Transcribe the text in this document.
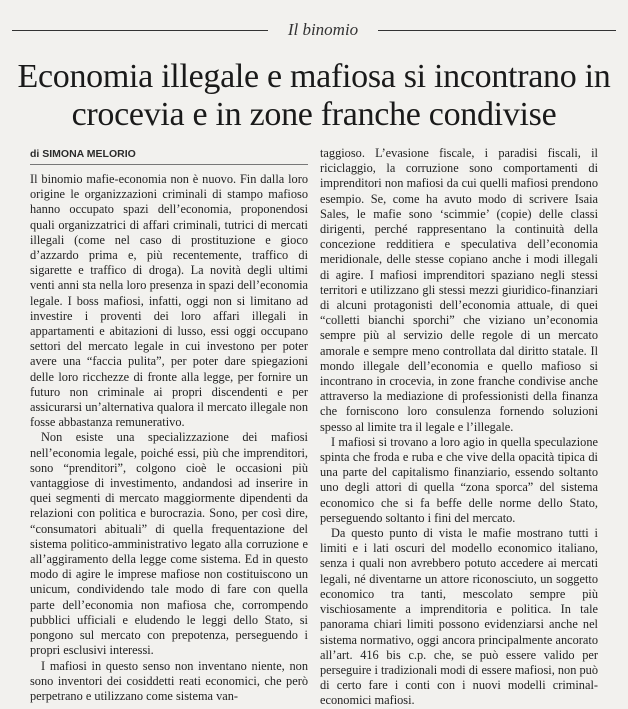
Il binomio
Economia illegale e mafiosa si incontrano in crocevia e in zone franche condivise
di SIMONA MELORIO

Il binomio mafie-economia non è nuovo. Fin dalla loro origine le organizzazioni criminali di stampo mafioso hanno occupato spazi dell’economia, proponendosi quali organizzatrici di affari criminali, tutrici di mercati illegali (come nel caso di prostituzione e gioco d’azzardo prima e, più recentemente, traffico di sigarette e traffico di droga). La novità degli ultimi venti anni sta nella loro presenza in spazi dell’economia legale. I boss mafiosi, infatti, oggi non si limitano ad investire i proventi dei loro affari illegali in appartamenti e abitazioni di lusso, essi oggi occupano settori del mercato legale in cui investono per poter avere una “faccia pulita”, per poter dare spiegazioni delle loro ricchezze di fronte alla legge, per fornire un futuro non criminale ai propri discendenti e per assicurarsi un’alternativa qualora il mercato illegale non fosse abbastanza remunerativo.

Non esiste una specializzazione dei mafiosi nell’economia legale, poiché essi, più che imprenditori, sono “prenditori”, colgono cioè le occasioni più vantaggiose di investimento, andandosi ad inserire in quei segmenti di mercato maggiormente dipendenti da relazioni con politica e burocrazia. Sono, per così dire, “consumatori abituali” di quella frequentazione del sistema politico-amministrativo legato alla corruzione e all’aggiramento della legge come sistema. Ed in questo modo di agire le imprese mafiose non costituiscono un unicum, condividendo tale modo di fare con quella parte dell’economia non mafiosa che, corrompendo pubblici ufficiali e eludendo le leggi dello Stato, si pongono sul mercato con prepotenza, perseguendo i propri esclusivi interessi.

I mafiosi in questo senso non inventano niente, non sono inventori dei cosiddetti reati economici, che però perpetrano e utilizzano come sistema van-

taggioso. L’evasione fiscale, i paradisi fiscali, il riciclaggio, la corruzione sono comportamenti di imprenditori non mafiosi da cui quelli mafiosi prendono esempio. Se, come ha avuto modo di scrivere Isaia Sales, le mafie sono ‘scimmie’ (copie) delle classi dirigenti, perché rappresentano la continuità della concezione redditiera e speculativa dell’economia meridionale, delle stesse copiano anche i modi illegali di agire. I mafiosi imprenditori spaziano negli stessi territori e utilizzano gli stessi mezzi giuridico-finanziari di alcuni protagonisti dell’economia attuale, di quei “colletti bianchi sporchi” che viziano un’economia sempre più al servizio delle regole di un mercato amorale e sempre meno controllata dal diritto statale. Il mondo illegale dell’economia e quello mafioso si incontrano in crocevia, in zone franche condivise anche attraverso la mediazione di professionisti della finanza che forniscono loro consulenza fornendo soluzioni spesso al limite tra il legale e l’illegale.

I mafiosi si trovano a loro agio in quella speculazione spinta che froda e ruba e che vive della opacità tipica di una parte del capitalismo finanziario, essendo soltanto uno degli attori di quella “zona sporca” del sistema economico che si fa beffe delle norme dello Stato, perseguendo soltanto i fini del mercato.

Da questo punto di vista le mafie mostrano tutti i limiti e i lati oscuri del modello economico italiano, senza i quali non avrebbero potuto accedere ai mercati legali, né diventarne un attore riconosciuto, un soggetto economico tra tanti, mescolato sempre più vischiosamente a imprenditoria e politica. In tale panorama chiari limiti possono evidenziarsi anche nel sistema normativo, oggi ancora principalmente ancorato all’art. 416 bis c.p. che, se può essere valido per perseguire i tradizionali modi di essere mafiosi, non può di certo fare i conti con i nuovi modelli criminal-economici mafiosi.
